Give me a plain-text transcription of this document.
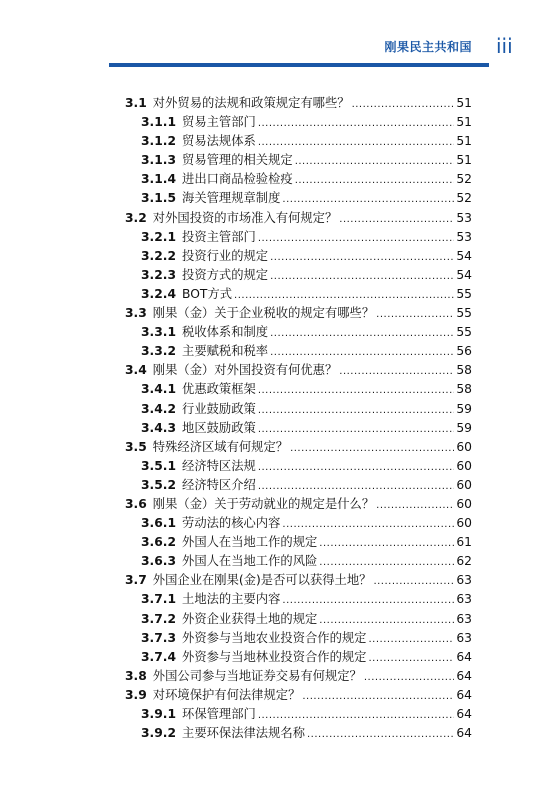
刚果民主共和国 iii
3.1 对外贸易的法规和政策规定有哪些？ .....	51
3.1.1 贸易主管部门 .....	51
3.1.2 贸易法规体系 .....	51
3.1.3 贸易管理的相关规定 .....	51
3.1.4 进出口商品检验检疫 .....	52
3.1.5 海关管理规章制度 .....	52
3.2 对外国投资的市场准入有何规定？ .....	53
3.2.1 投资主管部门 .....	53
3.2.2 投资行业的规定 .....	54
3.2.3 投资方式的规定 .....	54
3.2.4 BOT方式 .....	55
3.3 刚果（金）关于企业税收的规定有哪些？ .....	55
3.3.1 税收体系和制度 .....	55
3.3.2 主要赋税和税率 .....	56
3.4 刚果（金）对外国投资有何优惠？ .....	58
3.4.1 优惠政策框架 .....	58
3.4.2 行业鼓励政策 .....	59
3.4.3 地区鼓励政策 .....	59
3.5 特殊经济区域有何规定？ .....	60
3.5.1 经济特区法规 .....	60
3.5.2 经济特区介绍 .....	60
3.6 刚果（金）关于劳动就业的规定是什么？ .....	60
3.6.1 劳动法的核心内容 .....	60
3.6.2 外国人在当地工作的规定 .....	61
3.6.3 外国人在当地工作的风险 .....	62
3.7 外国企业在刚果(金)是否可以获得土地？ .....	63
3.7.1 土地法的主要内容 .....	63
3.7.2 外资企业获得土地的规定 .....	63
3.7.3 外资参与当地农业投资合作的规定 .....	63
3.7.4 外资参与当地林业投资合作的规定 .....	64
3.8 外国公司参与当地证券交易有何规定？ .....	64
3.9 对环境保护有何法律规定？ .....	64
3.9.1 环保管理部门 .....	64
3.9.2 主要环保法律法规名称 .....	64
